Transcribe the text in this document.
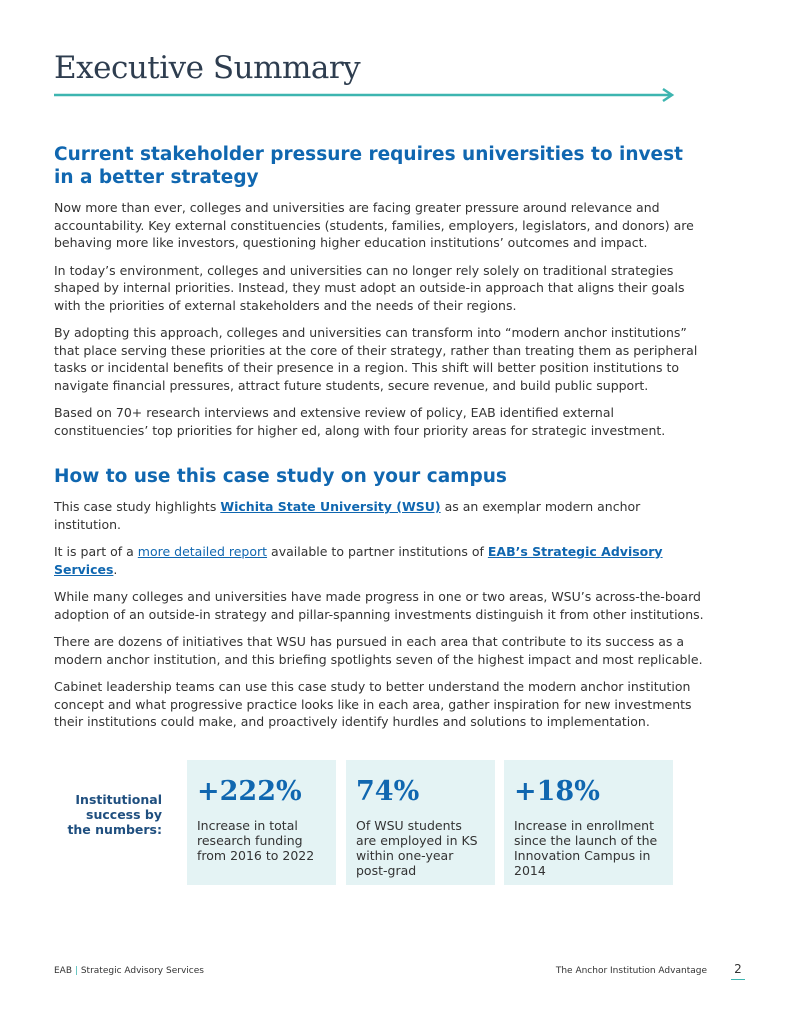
Executive Summary
Current stakeholder pressure requires universities to invest in a better strategy

Now more than ever, colleges and universities are facing greater pressure around relevance and accountability. Key external constituencies (students, families, employers, legislators, and donors) are behaving more like investors, questioning higher education institutions’ outcomes and impact.

In today’s environment, colleges and universities can no longer rely solely on traditional strategies shaped by internal priorities. Instead, they must adopt an outside-in approach that aligns their goals with the priorities of external stakeholders and the needs of their regions.

By adopting this approach, colleges and universities can transform into “modern anchor institutions” that place serving these priorities at the core of their strategy, rather than treating them as peripheral tasks or incidental benefits of their presence in a region. This shift will better position institutions to navigate financial pressures, attract future students, secure revenue, and build public support.

Based on 70+ research interviews and extensive review of policy, EAB identified external constituencies’ top priorities for higher ed, along with four priority areas for strategic investment.

How to use this case study on your campus

This case study highlights Wichita State University (WSU) as an exemplar modern anchor institution.

It is part of a more detailed report available to partner institutions of EAB’s Strategic Advisory Services.

While many colleges and universities have made progress in one or two areas, WSU’s across-the-board adoption of an outside-in strategy and pillar-spanning investments distinguish it from other institutions.

There are dozens of initiatives that WSU has pursued in each area that contribute to its success as a modern anchor institution, and this briefing spotlights seven of the highest impact and most replicable.

Cabinet leadership teams can use this case study to better understand the modern anchor institution concept and what progressive practice looks like in each area, gather inspiration for new investments their institutions could make, and proactively identify hurdles and solutions to implementation.

Institutional success by the numbers:
+222%
Increase in total research funding from 2016 to 2022
74%
Of WSU students are employed in KS within one-year post-grad
+18%
Increase in enrollment since the launch of the Innovation Campus in 2014
EAB | Strategic Advisory Services	The Anchor Institution Advantage 2
